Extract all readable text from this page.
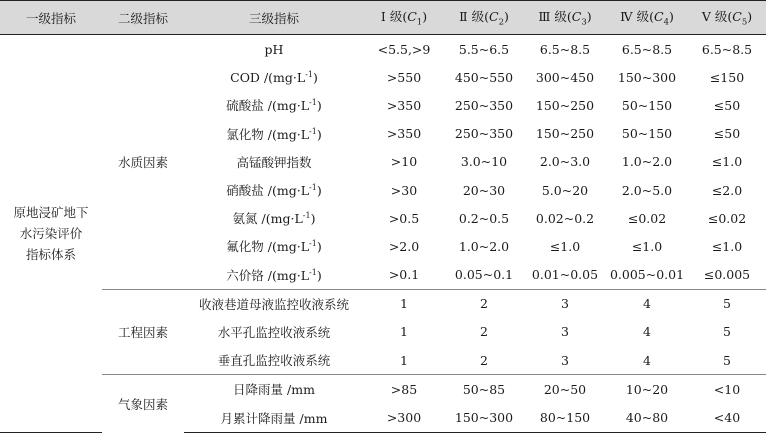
一级指标	二级指标	三级指标	Ⅰ 级$(C_1)$	Ⅱ 级$(C_2)$	Ⅲ 级$(C_3)$	Ⅳ 级$(C_4)$	Ⅴ 级$(C_5)$

原地浸矿地下
水污染评价
指标体系	水质因素	pH	<5.5,>9	5.5~6.5	6.5~8.5	6.5~8.5	6.5~8.5
		COD $/(mg\cdot L^{-1})$	>550	450~550	300~450	150~300	≤150
		硫酸盐 $/(mg\cdot L^{-1})$	>350	250~350	150~250	50~150	≤50
		氯化物 $/(mg\cdot L^{-1})$	>350	250~350	150~250	50~150	≤50
		高锰酸钾指数	>10	3.0~10	2.0~3.0	1.0~2.0	≤1.0
		硝酸盐 $/(mg\cdot L^{-1})$	>30	20~30	5.0~20	2.0~5.0	≤2.0
		氨氮 $/(mg\cdot L^{-1})$	>0.5	0.2~0.5	0.02~0.2	≤0.02	≤0.02
		氟化物 $/(mg\cdot L^{-1})$	>2.0	1.0~2.0	≤1.0	≤1.0	≤1.0
		六价铬 $/(mg\cdot L^{-1})$	>0.1	0.05~0.1	0.01~0.05	0.005~0.01	≤0.005
	工程因素	收液巷道母液监控收液系统	1	2	3	4	5
		水平孔监控收液系统	1	2	3	4	5
		垂直孔监控收液系统	1	2	3	4	5
	气象因素	日降雨量 /mm	>85	50~85	20~50	10~20	<10
		月累计降雨量 /mm	>300	150~300	80~150	40~80	<40
